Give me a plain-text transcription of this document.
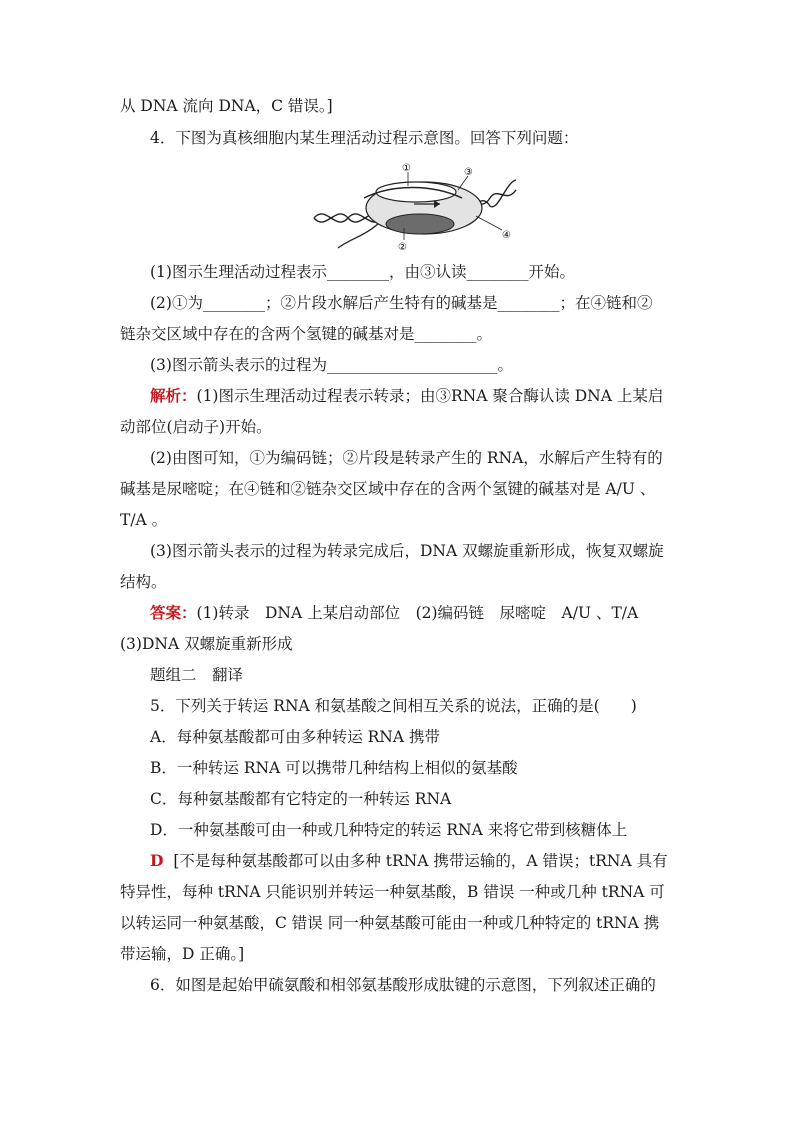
从 DNA 流向 DNA，C 错误。]
4．下图为真核细胞内某生理活动过程示意图。回答下列问题：
①
②
③
④
(1)图示生理活动过程表示________，由③认读________开始。
(2)①为________；②片段水解后产生特有的碱基是________；在④链和②
链杂交区域中存在的含两个氢键的碱基对是________。
(3)图示箭头表示的过程为______________________。
解析：(1)图示生理活动过程表示转录；由③RNA 聚合酶认读 DNA 上某启
动部位(启动子)开始。
(2)由图可知，①为编码链；②片段是转录产生的 RNA，水解后产生特有的
碱基是尿嘧啶；在④链和②链杂交区域中存在的含两个氢键的碱基对是 A/U 、
T/A 。
(3)图示箭头表示的过程为转录完成后，DNA 双螺旋重新形成，恢复双螺旋
结构。
答案：(1)转录　DNA 上某启动部位　(2)编码链　尿嘧啶　A/U 、T/A
(3)DNA 双螺旋重新形成
题组二　翻译
5．下列关于转运 RNA 和氨基酸之间相互关系的说法，正确的是(　　)
A．每种氨基酸都可由多种转运 RNA 携带
B．一种转运 RNA 可以携带几种结构上相似的氨基酸
C．每种氨基酸都有它特定的一种转运 RNA
D．一种氨基酸可由一种或几种特定的转运 RNA 来将它带到核糖体上
D [不是每种氨基酸都可以由多种 tRNA 携带运输的，A 错误；tRNA 具有
特异性，每种 tRNA 只能识别并转运一种氨基酸，B 错误 一种或几种 tRNA 可
以转运同一种氨基酸，C 错误 同一种氨基酸可能由一种或几种特定的 tRNA 携
带运输，D 正确。]
6．如图是起始甲硫氨酸和相邻氨基酸形成肽键的示意图，下列叙述正确的
